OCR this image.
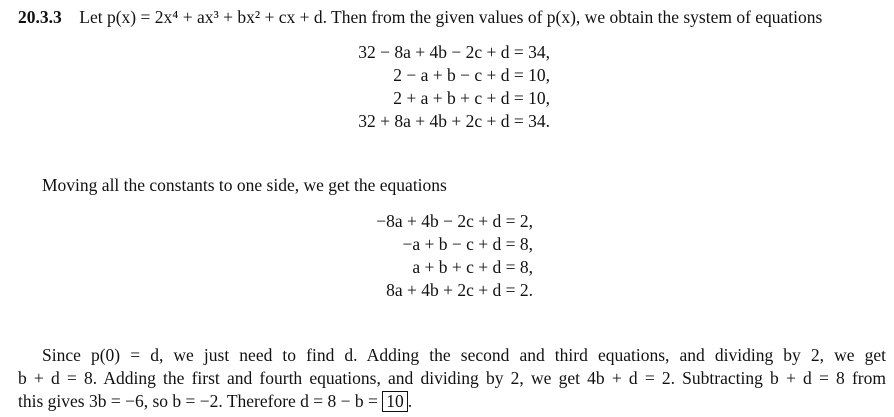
20.3.3 Let p(x) = 2x⁴ + ax³ + bx² + cx + d. Then from the given values of p(x), we obtain the system of equations
32 − 8a + 4b − 2c + d = 34,
2 − a + b − c + d = 10,
2 + a + b + c + d = 10,
32 + 8a + 4b + 2c + d = 34.
Moving all the constants to one side, we get the equations
−8a + 4b − 2c + d = 2,
−a + b − c + d = 8,
a + b + c + d = 8,
8a + 4b + 2c + d = 2.
Since p(0) = d, we just need to find d. Adding the second and third equations, and dividing by 2, we get
b + d = 8. Adding the first and fourth equations, and dividing by 2, we get 4b + d = 2. Subtracting b + d = 8 from
this gives 3b = −6, so b = −2. Therefore d = 8 − b = 10 .
